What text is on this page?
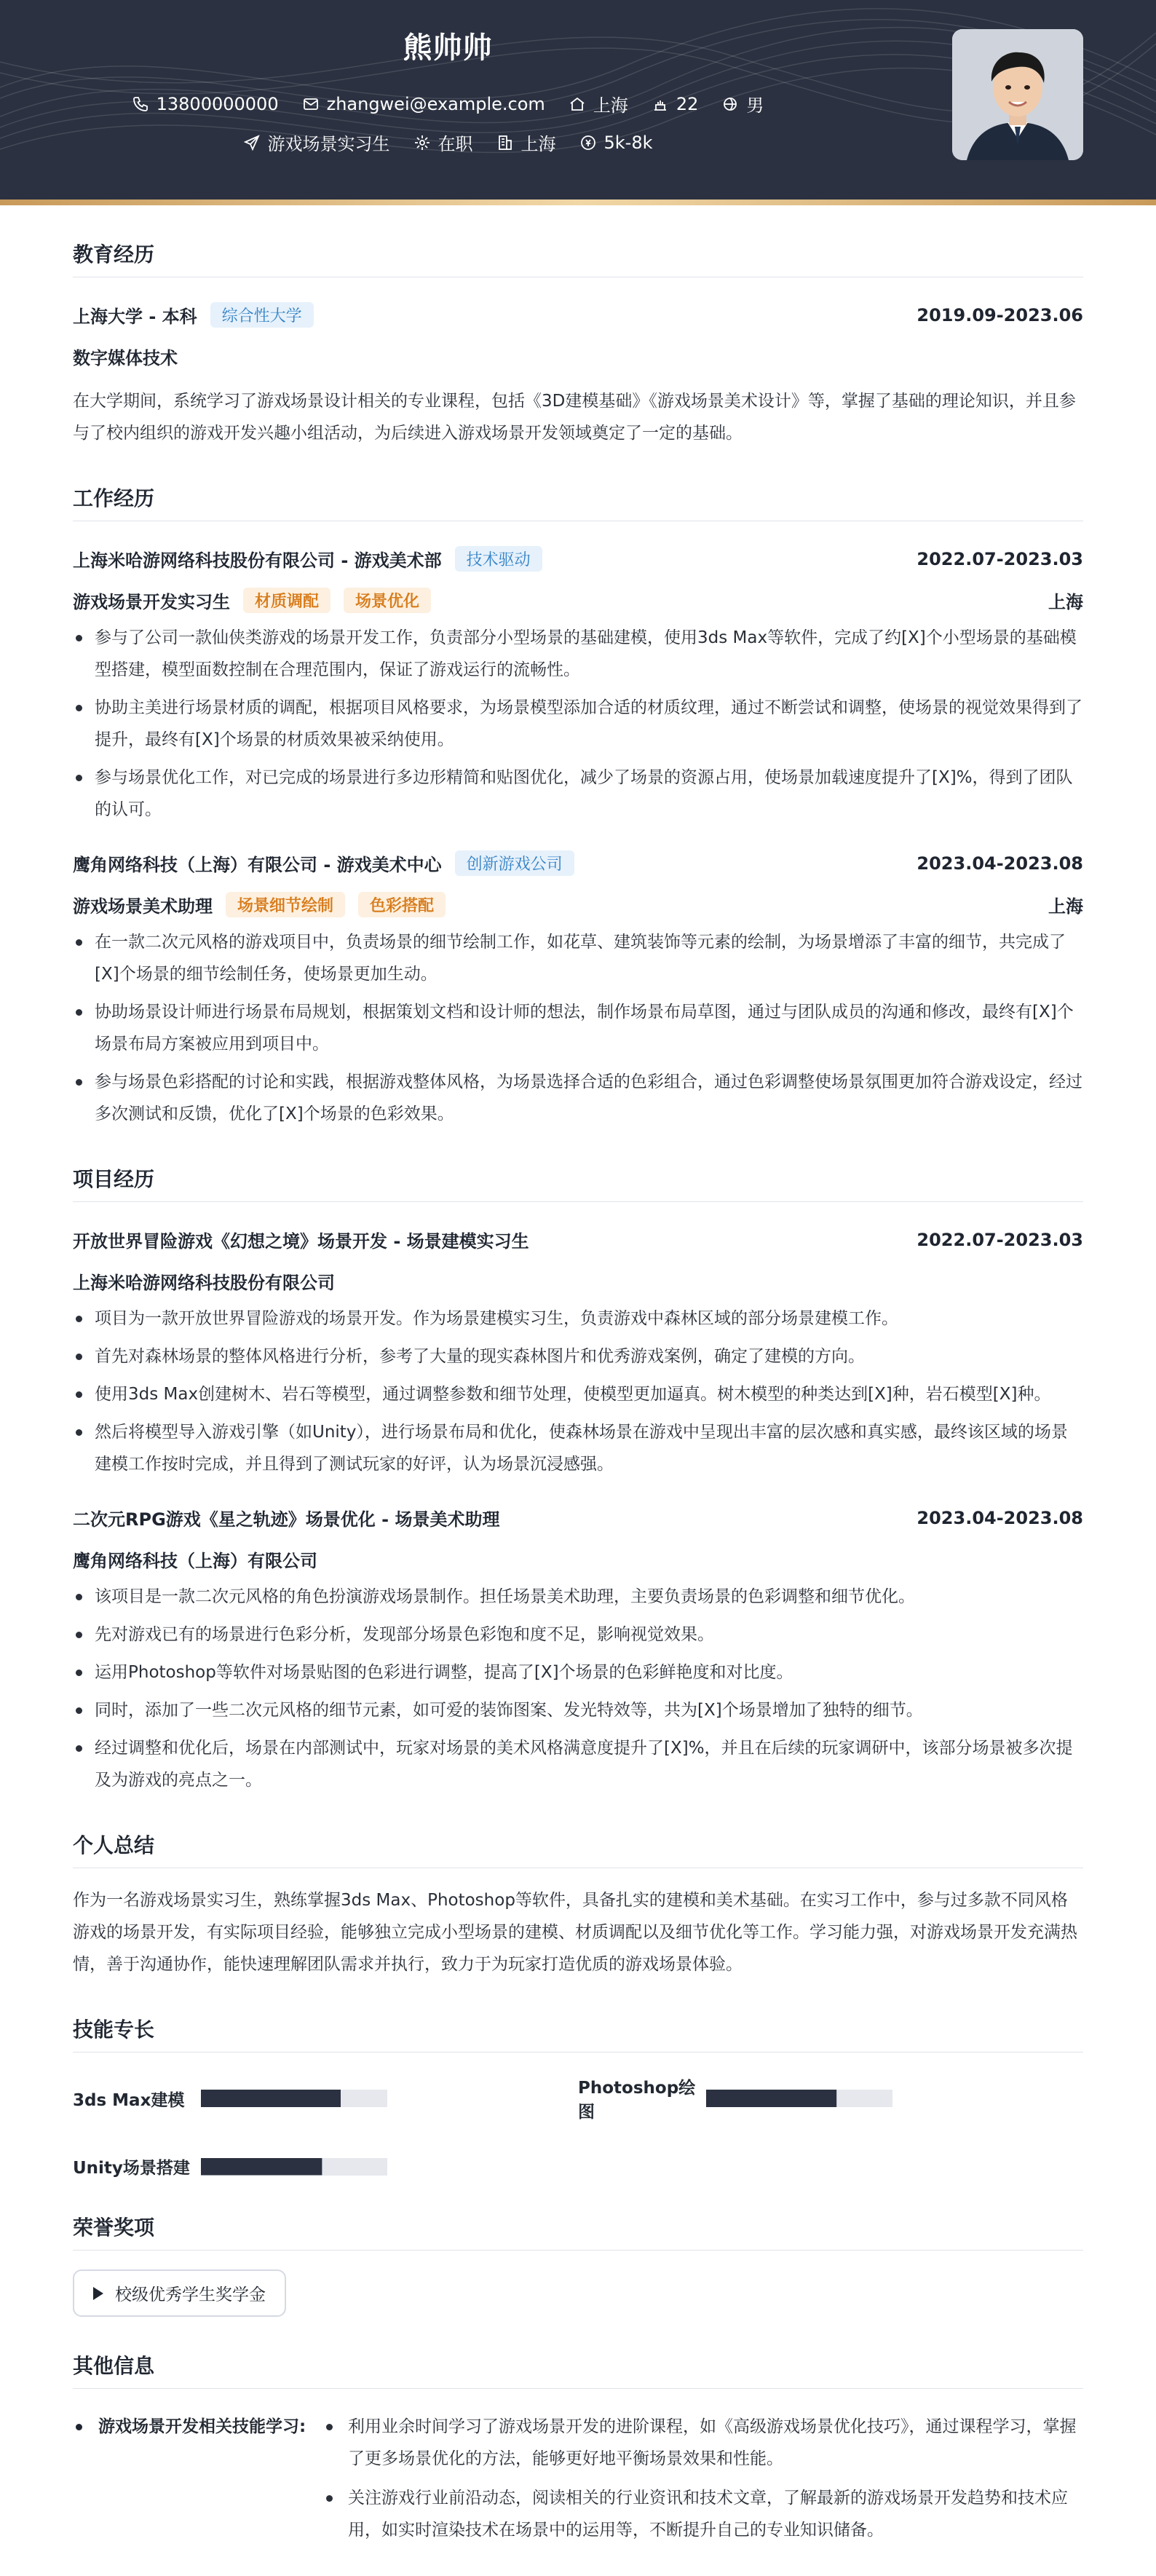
熊帅帅
13800000000	zhangwei@example.com	上海	22	男
游戏场景实习生	在职	上海	5k-8k
教育经历
上海大学 - 本科	综合性大学	2019.09-2023.06
数字媒体技术
在大学期间，系统学习了游戏场景设计相关的专业课程，包括《3D建模基础》《游戏场景美术设计》等，掌握了基础的理论知识，并且参与了校内组织的游戏开发兴趣小组活动，为后续进入游戏场景开发领域奠定了一定的基础。
工作经历
上海米哈游网络科技股份有限公司 - 游戏美术部	技术驱动	2022.07-2023.03
游戏场景开发实习生	材质调配	场景优化	上海
参与了公司一款仙侠类游戏的场景开发工作，负责部分小型场景的基础建模，使用3ds Max等软件，完成了约[X]个小型场景的基础模型搭建，模型面数控制在合理范围内，保证了游戏运行的流畅性。
协助主美进行场景材质的调配，根据项目风格要求，为场景模型添加合适的材质纹理，通过不断尝试和调整，使场景的视觉效果得到了提升，最终有[X]个场景的材质效果被采纳使用。
参与场景优化工作，对已完成的场景进行多边形精简和贴图优化，减少了场景的资源占用，使场景加载速度提升了[X]%，得到了团队的认可。
鹰角网络科技（上海）有限公司 - 游戏美术中心	创新游戏公司	2023.04-2023.08
游戏场景美术助理	场景细节绘制	色彩搭配	上海
在一款二次元风格的游戏项目中，负责场景的细节绘制工作，如花草、建筑装饰等元素的绘制，为场景增添了丰富的细节，共完成了[X]个场景的细节绘制任务，使场景更加生动。
协助场景设计师进行场景布局规划，根据策划文档和设计师的想法，制作场景布局草图，通过与团队成员的沟通和修改，最终有[X]个场景布局方案被应用到项目中。
参与场景色彩搭配的讨论和实践，根据游戏整体风格，为场景选择合适的色彩组合，通过色彩调整使场景氛围更加符合游戏设定，经过多次测试和反馈，优化了[X]个场景的色彩效果。
项目经历
开放世界冒险游戏《幻想之境》场景开发 - 场景建模实习生	2022.07-2023.03
上海米哈游网络科技股份有限公司
项目为一款开放世界冒险游戏的场景开发。作为场景建模实习生，负责游戏中森林区域的部分场景建模工作。
首先对森林场景的整体风格进行分析，参考了大量的现实森林图片和优秀游戏案例，确定了建模的方向。
使用3ds Max创建树木、岩石等模型，通过调整参数和细节处理，使模型更加逼真。树木模型的种类达到[X]种，岩石模型[X]种。
然后将模型导入游戏引擎（如Unity），进行场景布局和优化，使森林场景在游戏中呈现出丰富的层次感和真实感，最终该区域的场景建模工作按时完成，并且得到了测试玩家的好评，认为场景沉浸感强。
二次元RPG游戏《星之轨迹》场景优化 - 场景美术助理	2023.04-2023.08
鹰角网络科技（上海）有限公司
该项目是一款二次元风格的角色扮演游戏场景制作。担任场景美术助理，主要负责场景的色彩调整和细节优化。
先对游戏已有的场景进行色彩分析，发现部分场景色彩饱和度不足，影响视觉效果。
运用Photoshop等软件对场景贴图的色彩进行调整，提高了[X]个场景的色彩鲜艳度和对比度。
同时，添加了一些二次元风格的细节元素，如可爱的装饰图案、发光特效等，共为[X]个场景增加了独特的细节。
经过调整和优化后，场景在内部测试中，玩家对场景的美术风格满意度提升了[X]%，并且在后续的玩家调研中，该部分场景被多次提及为游戏的亮点之一。
个人总结
作为一名游戏场景实习生，熟练掌握3ds Max、Photoshop等软件，具备扎实的建模和美术基础。在实习工作中，参与过多款不同风格游戏的场景开发，有实际项目经验，能够独立完成小型场景的建模、材质调配以及细节优化等工作。学习能力强，对游戏场景开发充满热情，善于沟通协作，能快速理解团队需求并执行，致力于为玩家打造优质的游戏场景体验。
技能专长
3ds Max建模
Photoshop绘图
Unity场景搭建
荣誉奖项
校级优秀学生奖学金
其他信息
游戏场景开发相关技能学习:	利用业余时间学习了游戏场景开发的进阶课程，如《高级游戏场景优化技巧》，通过课程学习，掌握了更多场景优化的方法，能够更好地平衡场景效果和性能。
关注游戏行业前沿动态，阅读相关的行业资讯和技术文章，了解最新的游戏场景开发趋势和技术应用，如实时渲染技术在场景中的运用等，不断提升自己的专业知识储备。
